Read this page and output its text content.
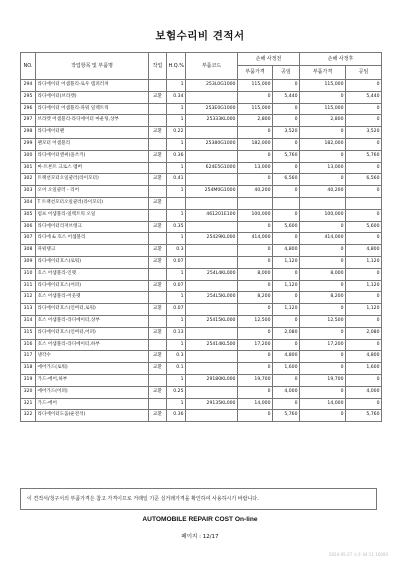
보험수리비 견적서
NO.	작업항목 및 부품명	작업	H.Q.%	부품코드	손해 사정전		손해 사정후	
					부품가격	공임	부품가격	공임
294	라디에이터 어셈블리-로우 템퍼러쳐		1	253L0G1000	115,000	0	115,000	0
295	라디에이터(브라켓)	교환	0.34		0	5,440	0	5,440
296	라디에이터 어셈블리-파워 일렉트릭		1	253E0G1000	115,000	0	115,000	0
297	브라켓 어셈블리-라디에이터 마운팅,상부		1	25333KL000	2,800	0	2,800	0
298	라디에이터팬	교환	0.22		0	3,520	0	3,520
299	팬모터 어셈블리		1	25380G1000	182,000	0	182,000	0
300	라디에이터앤써(올쓰키)	교환	0.36		0	5,760	0	5,760
301	마-트론트 크로스 멤버		1	624E5G1000	13,000	0	13,000	0
302	트랙션모터오일쿨러(라이모터)	교환	0.41		0	6,560	0	6,560
303	오이 오일쿨러 - 리어		1	254M0G1000	40,200	0	40,200	0
304	T 트랙션모터오일쿨러(라이모터)	교환						
305	펌프 어셈블리-일렉트릭 오일		1	461201E100	100,000	0	100,000	0
306	라디에이터리저브탱크	교환	0.35		0	5,600	0	5,600
307	라디에 & 호스 어셈블리		1	25429KL000	414,000	0	414,000	0
308	파워탱크	교환	0.3		0	4,800	0	4,800
309	라디에이터호스(로워)	교환	0.07		0	1,120	0	1,120
310	호스 어셈블리-인렛		1	254L4KL000	8,000	0	8,000	0
311	라디에이터호스(어퍼)	교환	0.07		0	1,120	0	1,120
312	호스 어셈블리-어웃렛		1	254L5KL000	8,200	0	8,200	0
313	라디에이터호스(인버터,로워)	교환	0.07		0	1,120	0	1,120
314	호스 어셈블리-라디에이터,상부		1	25415KL000	12,500	0	12,500	0
315	라디에이터호스(인버터,어퍼)	교환	0.13		0	2,080	0	2,080
316	호스 어셈블리-라디에이터,하부		1	25414KL500	17,200	0	17,200	0
317	냉각수	교환	0.3		0	4,800	0	4,800
318	에어가드(로워)	교환	0.1		0	1,600	0	1,600
319	가드-에어,하부		1	29180KL000	19,700	0	19,700	0
320	에어가드(어퍼)	교환	0.25		0	4,000	0	4,000
321	가드-에어		1	29135KL000	14,000	0	14,000	0
322	라디에이터도움(운전석)	교환	0.36		0	5,760	0	5,760
이 견적서/청구서의 부품가격은 참고 가격이므로 거래일 기준 실거래가격을 확인하여 사용하시기 바랍니다.
AUTOMOBILE REPAIR COST On-line
페이지 : 12/17
2024-05-27 오후 04:11 10000
